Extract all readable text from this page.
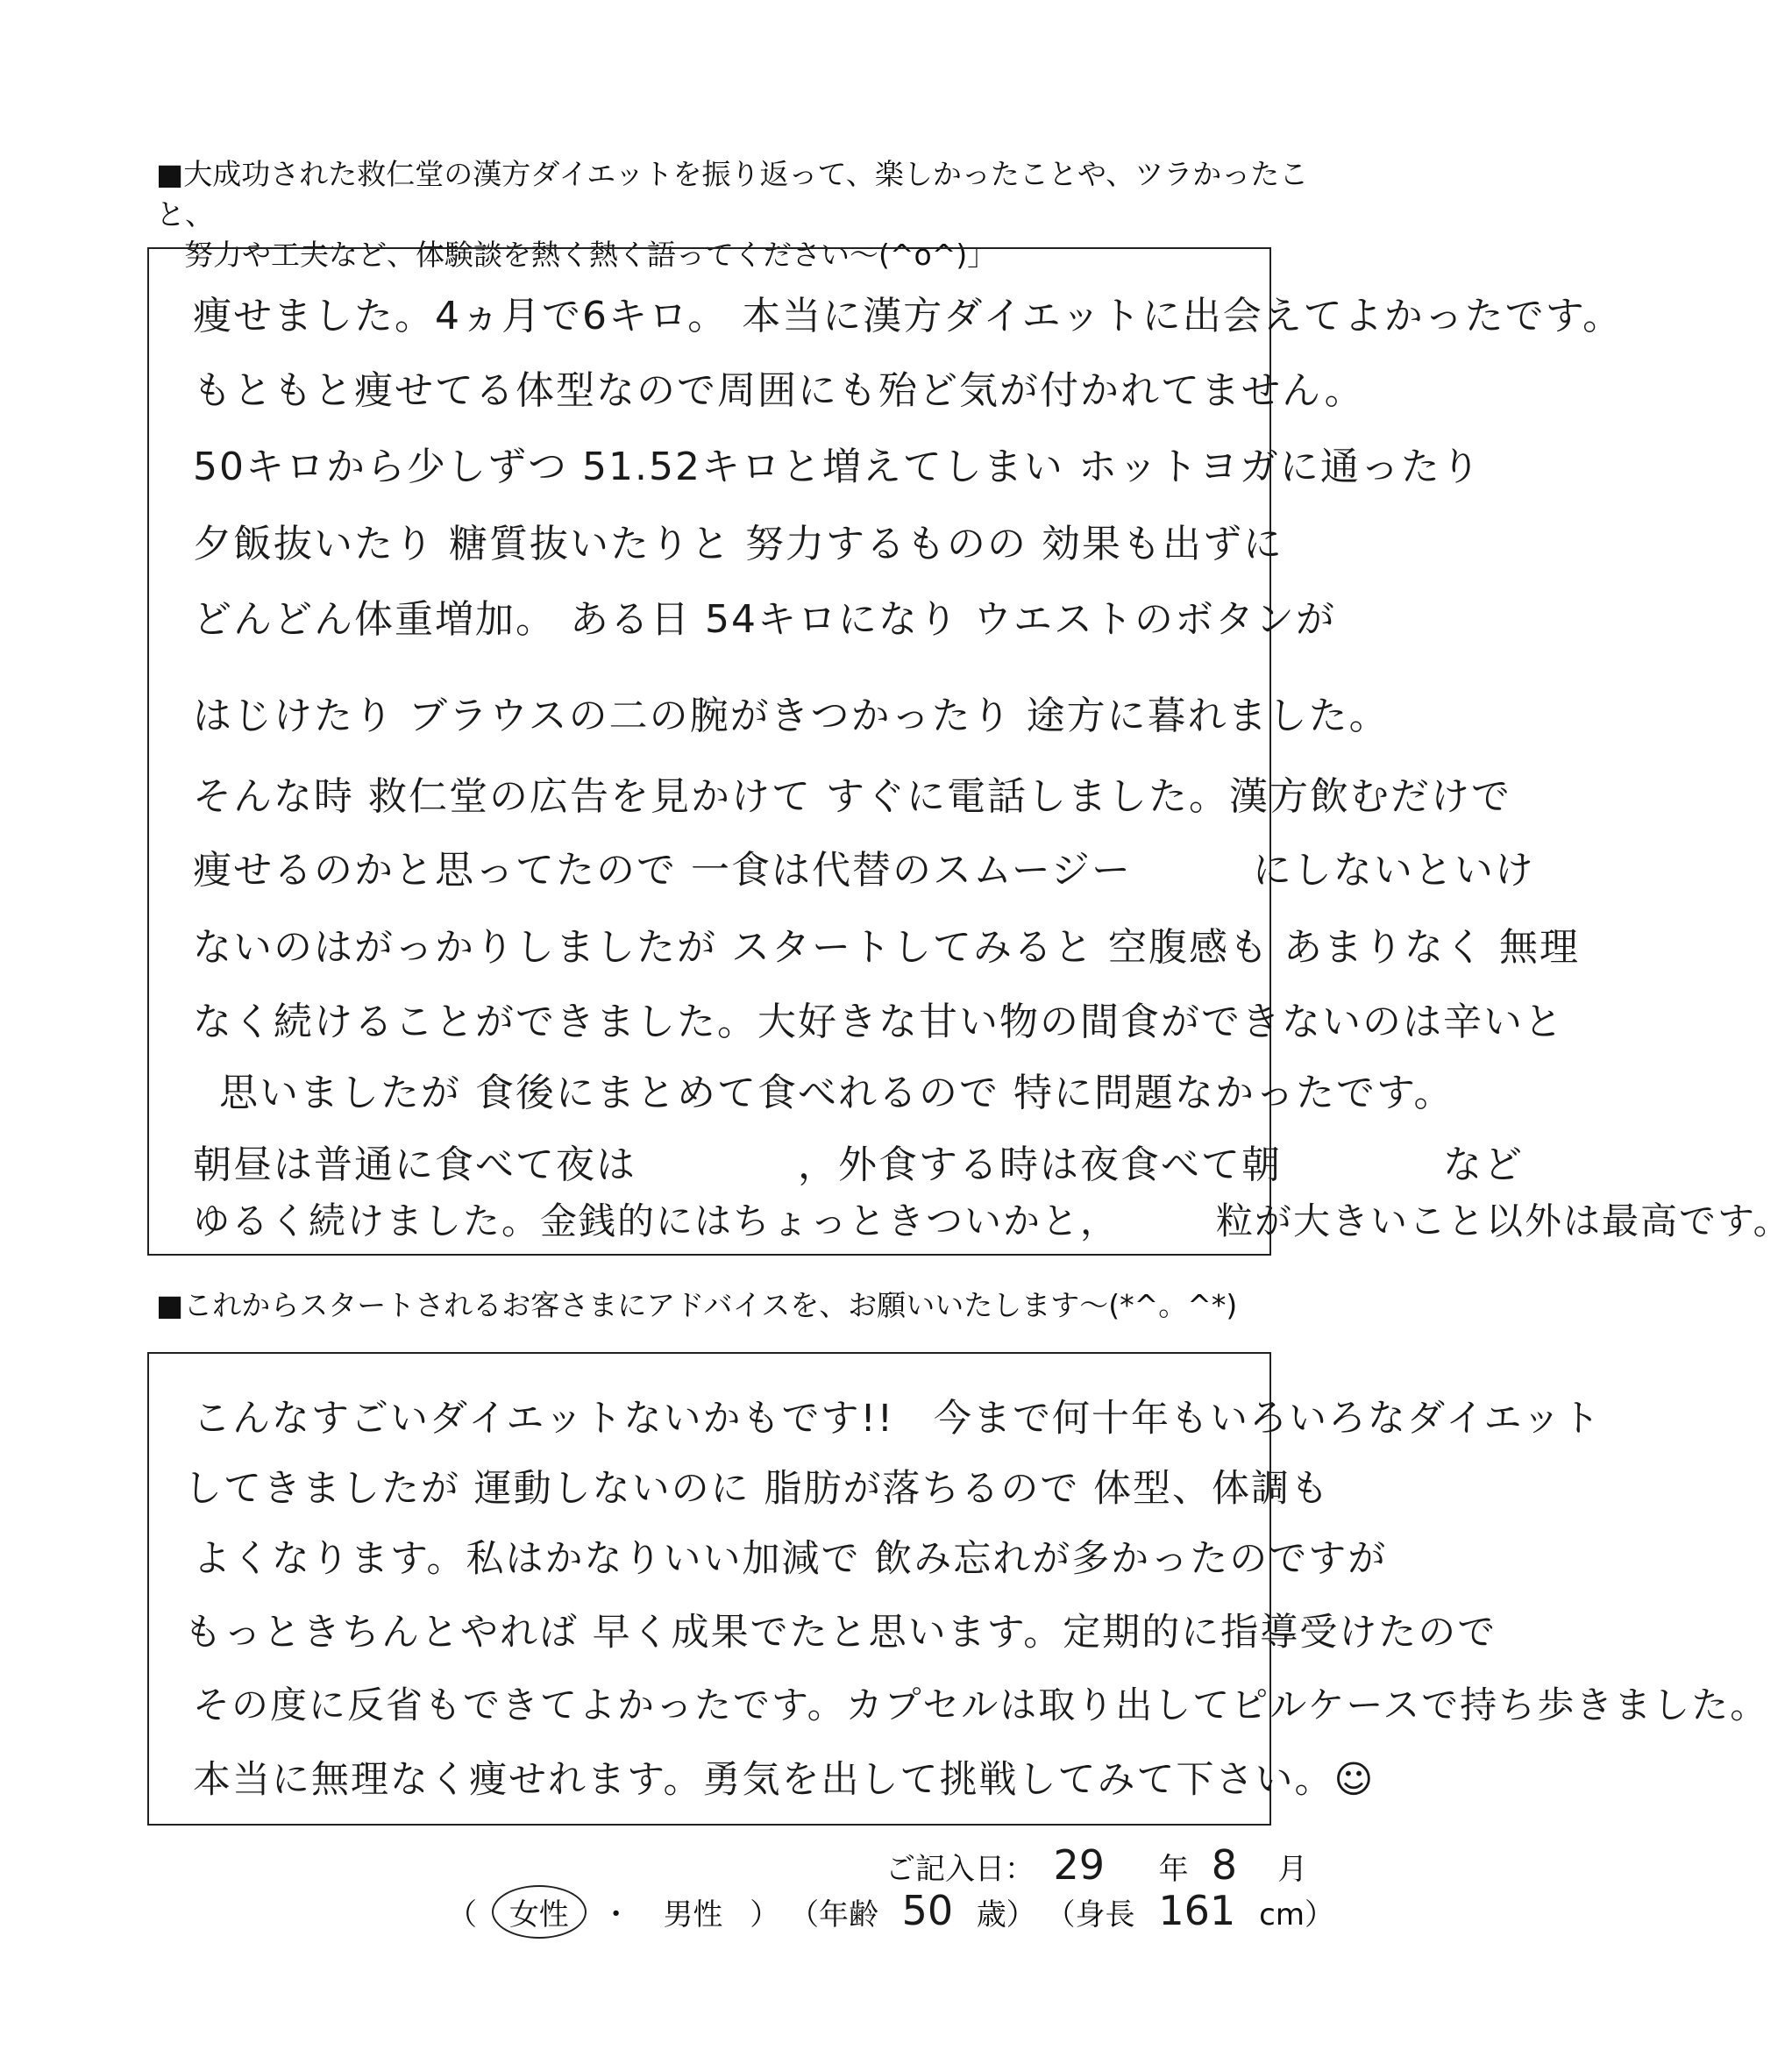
■大成功された救仁堂の漢方ダイエットを振り返って、楽しかったことや、ツラかったこと、
努力や工夫など、体験談を熱く熱く語ってください～(^o^)」
痩せました。4ヵ月で6キロ。 本当に漢方ダイエットに出会えてよかったです。
もともと痩せてる体型なので周囲にも殆ど気が付かれてません。
50キロから少しずつ 51.52キロと増えてしまい ホットヨガに通ったり
夕飯抜いたり 糖質抜いたりと 努力するものの 効果も出ずに
どんどん体重増加。 ある日 54キロになり ウエストのボタンが
はじけたり ブラウスの二の腕がきつかったり 途方に暮れました。
そんな時 救仁堂の広告を見かけて すぐに電話しました。漢方飲むだけで
痩せるのかと思ってたので 一食は代替のスムージー　　　にしないといけ
ないのはがっかりしましたが スタートしてみると 空腹感も あまりなく 無理
なく続けることができました。大好きな甘い物の間食ができないのは辛いと
思いましたが 食後にまとめて食べれるので 特に問題なかったです。
朝昼は普通に食べて夜は　　　　，外食する時は夜食べて朝　　　　など
ゆるく続けました。金銭的にはちょっときついかと，　　　粒が大きいこと以外は最高です。
■これからスタートされるお客さまにアドバイスを、お願いいたします～(*^。^*)
こんなすごいダイエットないかもです!!　今まで何十年もいろいろなダイエット
してきましたが 運動しないのに 脂肪が落ちるので 体型、体調も
よくなります。私はかなりいい加減で 飲み忘れが多かったのですが
もっときちんとやれば 早く成果でたと思います。定期的に指導受けたので
その度に反省もできてよかったです。カプセルは取り出してピルケースで持ち歩きました。
本当に無理なく痩せれます。勇気を出して挑戦してみて下さい。☺
ご記入日： 29 年 8 月
（ 女性 ・ 男性 ） （年齢 50 歳） （身長 161 cm）
